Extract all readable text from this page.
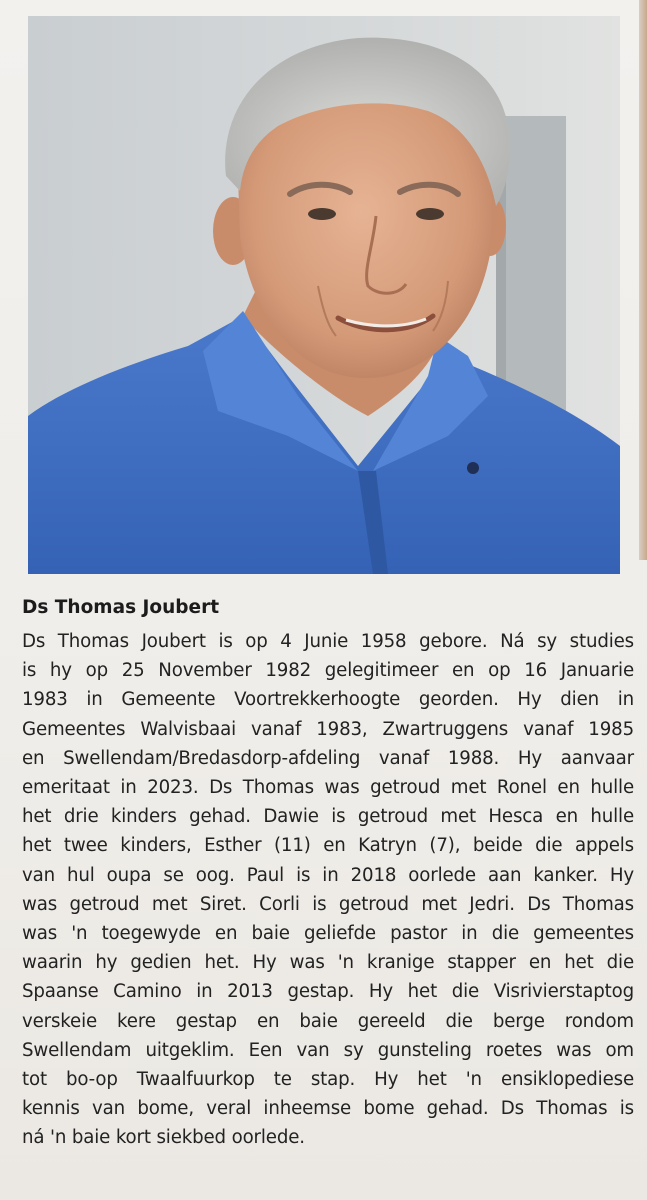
Ds Thomas Joubert
Ds Thomas Joubert is op 4 Junie 1958 gebore. Ná sy studies
is hy op 25 November 1982 gelegitimeer en op 16 Januarie
1983 in Gemeente Voortrekkerhoogte georden. Hy dien in
Gemeentes Walvisbaai vanaf 1983, Zwartruggens vanaf 1985
en Swellendam/Bredasdorp-afdeling vanaf 1988. Hy aanvaar
emeritaat in 2023. Ds Thomas was getroud met Ronel en hulle
het drie kinders gehad. Dawie is getroud met Hesca en hulle
het twee kinders, Esther (11) en Katryn (7), beide die appels
van hul oupa se oog. Paul is in 2018 oorlede aan kanker. Hy
was getroud met Siret. Corli is getroud met Jedri. Ds Thomas
was 'n toegewyde en baie geliefde pastor in die gemeentes
waarin hy gedien het. Hy was 'n kranige stapper en het die
Spaanse Camino in 2013 gestap. Hy het die Visrivierstaptog
verskeie kere gestap en baie gereeld die berge rondom
Swellendam uitgeklim. Een van sy gunsteling roetes was om
tot bo-op Twaalfuurkop te stap. Hy het 'n ensiklopediese
kennis van bome, veral inheemse bome gehad. Ds Thomas is
ná 'n baie kort siekbed oorlede.
